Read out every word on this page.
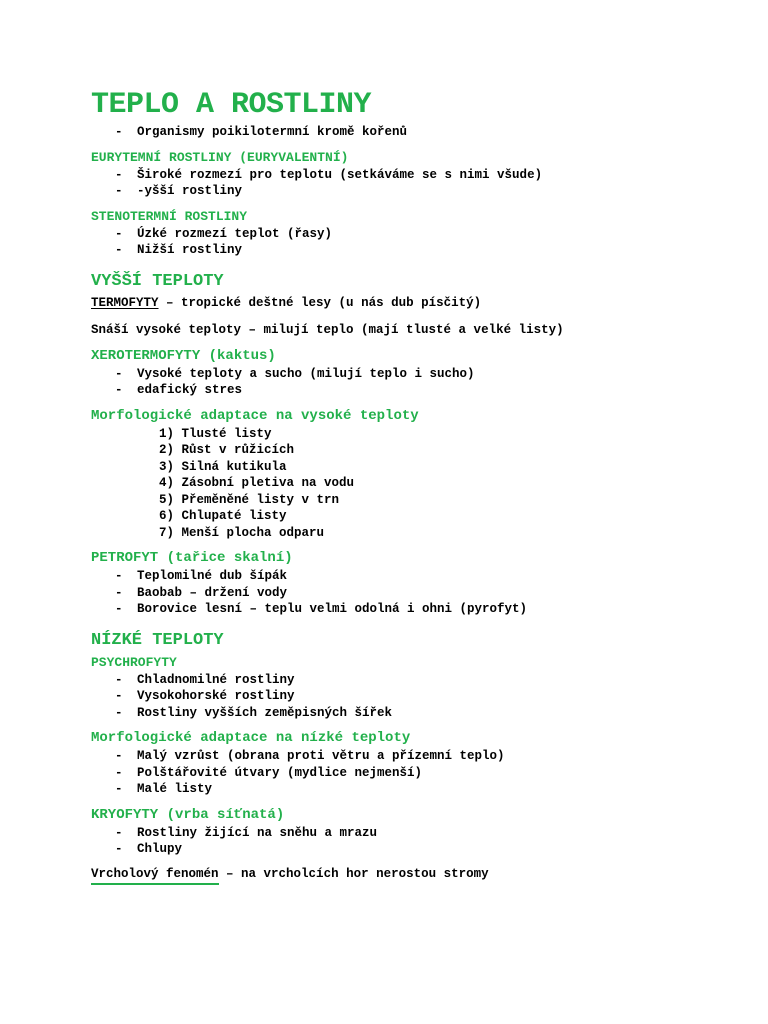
TEPLO A ROSTLINY
- Organismy poikilotermní kromě kořenů
EURYTEMNÍ ROSTLINY (EURYVALENTNÍ)
- Široké rozmezí pro teplotu (setkáváme se s nimi všude)
- -yšší rostliny
STENOTERMNÍ ROSTLINY
- Úzké rozmezí teplot (řasy)
- Nižší rostliny
VYŠŠÍ TEPLOTY

TERMOFYTY – tropické deštné lesy (u nás dub písčitý)

Snáší vysoké teploty – milují teplo (mají tlusté a velké listy)

XEROTERMOFYTY (kaktus)
- Vysoké teploty a sucho (milují teplo i sucho)
- edafický stres
Morfologické adaptace na vysoké teploty
1) Tlusté listy
2) Růst v růžicích
3) Silná kutikula
4) Zásobní pletiva na vodu
5) Přeměněné listy v trn
6) Chlupaté listy
7) Menší plocha odparu
PETROFYT (tařice skalní)
- Teplomilné dub šípák
- Baobab – držení vody
- Borovice lesní – teplu velmi odolná i ohni (pyrofyt)
NÍZKÉ TEPLOTY
PSYCHROFYTY
- Chladnomilné rostliny
- Vysokohorské rostliny
- Rostliny vyšších zeměpisných šířek
Morfologické adaptace na nízké teploty
- Malý vzrůst (obrana proti větru a přízemní teplo)
- Polštářovité útvary (mydlice nejmenší)
- Malé listy
KRYOFYTY (vrba síťnatá)
- Rostliny žijící na sněhu a mrazu
- Chlupy

Vrcholový fenomén – na vrcholcích hor nerostou stromy
